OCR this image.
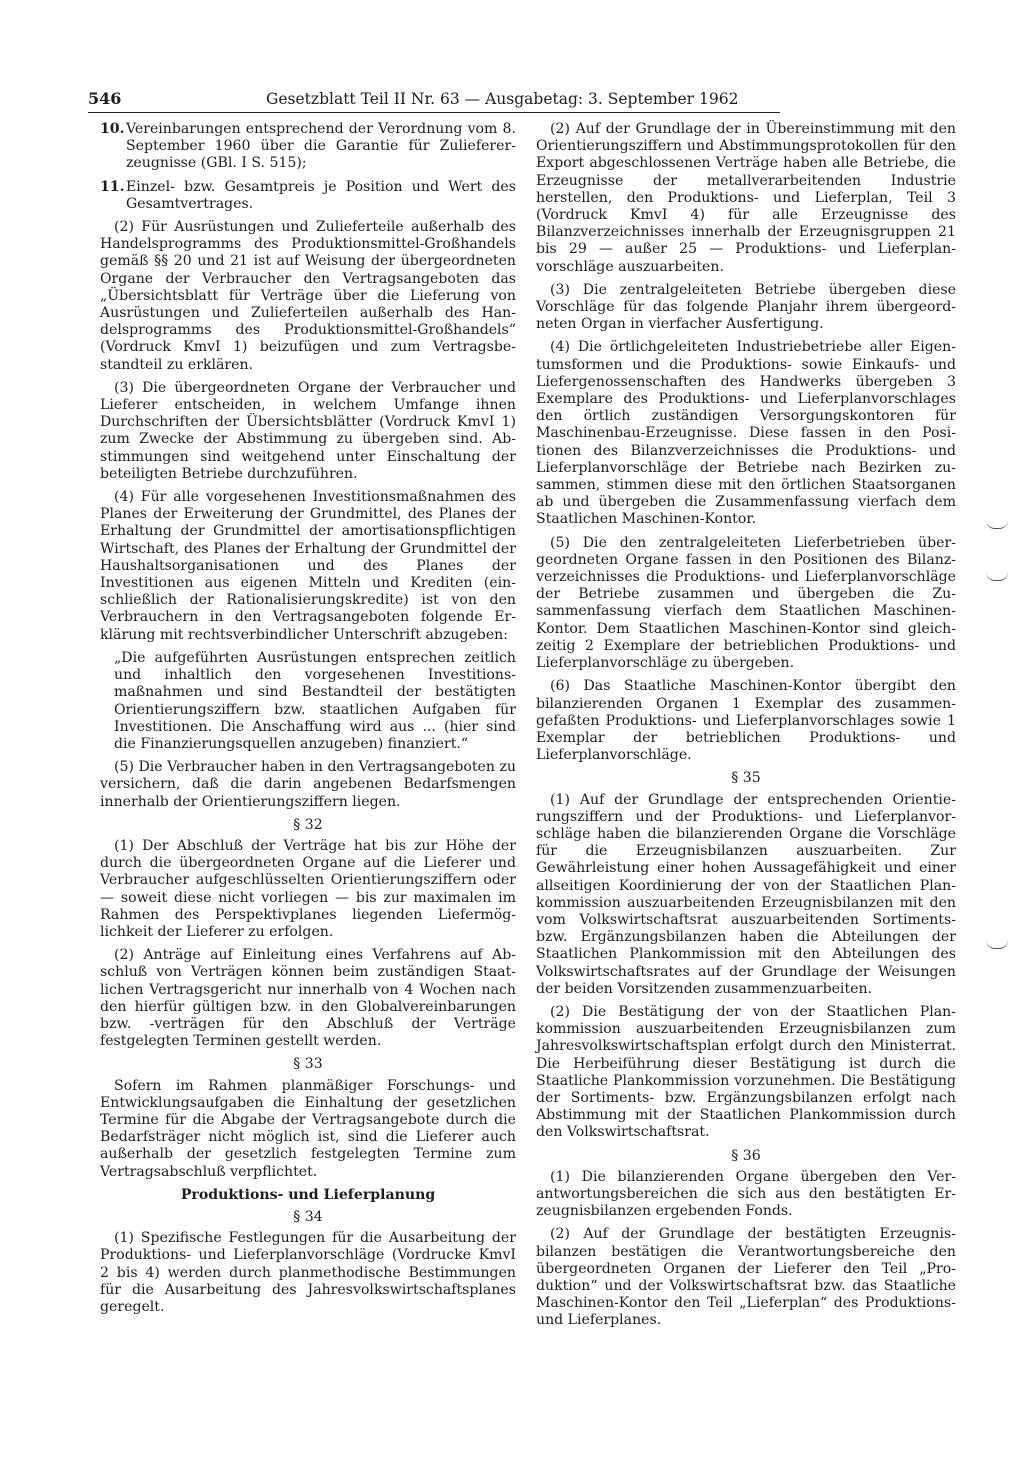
546	Gesetzblatt Teil II Nr. 63 — Ausgabetag: 3. September 1962
10.Vereinbarungen entsprechend der Verordnung vom 8. September 1960 über die Garantie für Zuliefererzeugnisse (GBl. I S. 515);
11.Einzel- bzw. Gesamtpreis je Position und Wert des Gesamtvertrages.

(2) Für Ausrüstungen und Zulieferteile außerhalb des Handelsprogramms des Produktionsmittel-Großhandels gemäß §§ 20 und 21 ist auf Weisung der übergeordneten Organe der Verbraucher den Vertragsangeboten das „Übersichtsblatt für Verträge über die Lieferung von Ausrüstungen und Zulieferteilen außerhalb des Handelsprogramms des Produktionsmittel-Großhandels“ (Vordruck KmvI 1) beizufügen und zum Vertragsbestandteil zu erklären.

(3) Die übergeordneten Organe der Verbraucher und Lieferer entscheiden, in welchem Umfange ihnen Durchschriften der Übersichtsblätter (Vordruck KmvI 1) zum Zwecke der Abstimmung zu übergeben sind. Abstimmungen sind weitgehend unter Einschaltung der beteiligten Betriebe durchzuführen.

(4) Für alle vorgesehenen Investitionsmaßnahmen des Planes der Erweiterung der Grundmittel, des Planes der Erhaltung der Grundmittel der amortisationspflichtigen Wirtschaft, des Planes der Erhaltung der Grundmittel der Haushaltsorganisationen und des Planes der Investitionen aus eigenen Mitteln und Krediten (einschließlich der Rationalisierungskredite) ist von den Verbrauchern in den Vertragsangeboten folgende Erklärung mit rechtsverbindlicher Unterschrift abzugeben:

„Die aufgeführten Ausrüstungen entsprechen zeitlich und inhaltlich den vorgesehenen Investitionsmaßnahmen und sind Bestandteil der bestätigten Orientierungsziffern bzw. staatlichen Aufgaben für Investitionen. Die Anschaffung wird aus ... (hier sind die Finanzierungsquellen anzugeben) finanziert.“

(5) Die Verbraucher haben in den Vertragsangeboten zu versichern, daß die darin angebenen Bedarfsmengen innerhalb der Orientierungsziffern liegen.

§ 32

(1) Der Abschluß der Verträge hat bis zur Höhe der durch die übergeordneten Organe auf die Lieferer und Verbraucher aufgeschlüsselten Orientierungsziffern oder — soweit diese nicht vorliegen — bis zur maximalen im Rahmen des Perspektivplanes liegenden Liefermöglichkeit der Lieferer zu erfolgen.

(2) Anträge auf Einleitung eines Verfahrens auf Abschluß von Verträgen können beim zuständigen Staatlichen Vertragsgericht nur innerhalb von 4 Wochen nach den hierfür gültigen bzw. in den Globalvereinbarungen bzw. -verträgen für den Abschluß der Verträge festgelegten Terminen gestellt werden.

§ 33

Sofern im Rahmen planmäßiger Forschungs- und Entwicklungsaufgaben die Einhaltung der gesetzlichen Termine für die Abgabe der Vertragsangebote durch die Bedarfsträger nicht möglich ist, sind die Lieferer auch außerhalb der gesetzlich festgelegten Termine zum Vertragsabschluß verpflichtet.

Produktions- und Lieferplanung

§ 34

(1) Spezifische Festlegungen für die Ausarbeitung der Produktions- und Lieferplanvorschläge (Vordrucke KmvI 2 bis 4) werden durch planmethodische Bestimmungen für die Ausarbeitung des Jahresvolkswirtschaftsplanes geregelt.

(2) Auf der Grundlage der in Übereinstimmung mit den Orientierungsziffern und Abstimmungsprotokollen für den Export abgeschlossenen Verträge haben alle Betriebe, die Erzeugnisse der metallverarbeitenden Industrie herstellen, den Produktions- und Lieferplan, Teil 3 (Vordruck KmvI 4) für alle Erzeugnisse des Bilanzverzeichnisses innerhalb der Erzeugnisgruppen 21 bis 29 — außer 25 — Produktions- und Lieferplanvorschläge auszuarbeiten.

(3) Die zentralgeleiteten Betriebe übergeben diese Vorschläge für das folgende Planjahr ihrem übergeordneten Organ in vierfacher Ausfertigung.

(4) Die örtlichgeleiteten Industriebetriebe aller Eigentumsformen und die Produktions- sowie Einkaufs- und Liefergenossenschaften des Handwerks übergeben 3 Exemplare des Produktions- und Lieferplanvorschlages den örtlich zuständigen Versorgungskontoren für Maschinenbau-Erzeugnisse. Diese fassen in den Positionen des Bilanzverzeichnisses die Produktions- und Lieferplanvorschläge der Betriebe nach Bezirken zusammen, stimmen diese mit den örtlichen Staatsorganen ab und übergeben die Zusammenfassung vierfach dem Staatlichen Maschinen-Kontor.

(5) Die den zentralgeleiteten Lieferbetrieben übergeordneten Organe fassen in den Positionen des Bilanzverzeichnisses die Produktions- und Lieferplanvorschläge der Betriebe zusammen und übergeben die Zusammenfassung vierfach dem Staatlichen Maschinen-Kontor. Dem Staatlichen Maschinen-Kontor sind gleichzeitig 2 Exemplare der betrieblichen Produktions- und Lieferplanvorschläge zu übergeben.

(6) Das Staatliche Maschinen-Kontor übergibt den bilanzierenden Organen 1 Exemplar des zusammengefaßten Produktions- und Lieferplanvorschlages sowie 1 Exemplar der betrieblichen Produktions- und Lieferplanvorschläge.

§ 35

(1) Auf der Grundlage der entsprechenden Orientierungsziffern und der Produktions- und Lieferplanvorschläge haben die bilanzierenden Organe die Vorschläge für die Erzeugnisbilanzen auszuarbeiten. Zur Gewährleistung einer hohen Aussagefähigkeit und einer allseitigen Koordinierung der von der Staatlichen Plankommission auszuarbeitenden Erzeugnisbilanzen mit den vom Volkswirtschaftsrat auszuarbeitenden Sortiments- bzw. Ergänzungsbilanzen haben die Abteilungen der Staatlichen Plankommission mit den Abteilungen des Volkswirtschaftsrates auf der Grundlage der Weisungen der beiden Vorsitzenden zusammenzuarbeiten.

(2) Die Bestätigung der von der Staatlichen Plankommission auszuarbeitenden Erzeugnisbilanzen zum Jahresvolkswirtschaftsplan erfolgt durch den Ministerrat. Die Herbeiführung dieser Bestätigung ist durch die Staatliche Plankommission vorzunehmen. Die Bestätigung der Sortiments- bzw. Ergänzungsbilanzen erfolgt nach Abstimmung mit der Staatlichen Plankommission durch den Volkswirtschaftsrat.

§ 36

(1) Die bilanzierenden Organe übergeben den Verantwortungsbereichen die sich aus den bestätigten Erzeugnisbilanzen ergebenden Fonds.

(2) Auf der Grundlage der bestätigten Erzeugnisbilanzen bestätigen die Verantwortungsbereiche den übergeordneten Organen der Lieferer den Teil „Produktion“ und der Volkswirtschaftsrat bzw. das Staatliche Maschinen-Kontor den Teil „Lieferplan“ des Produktions- und Lieferplanes.
